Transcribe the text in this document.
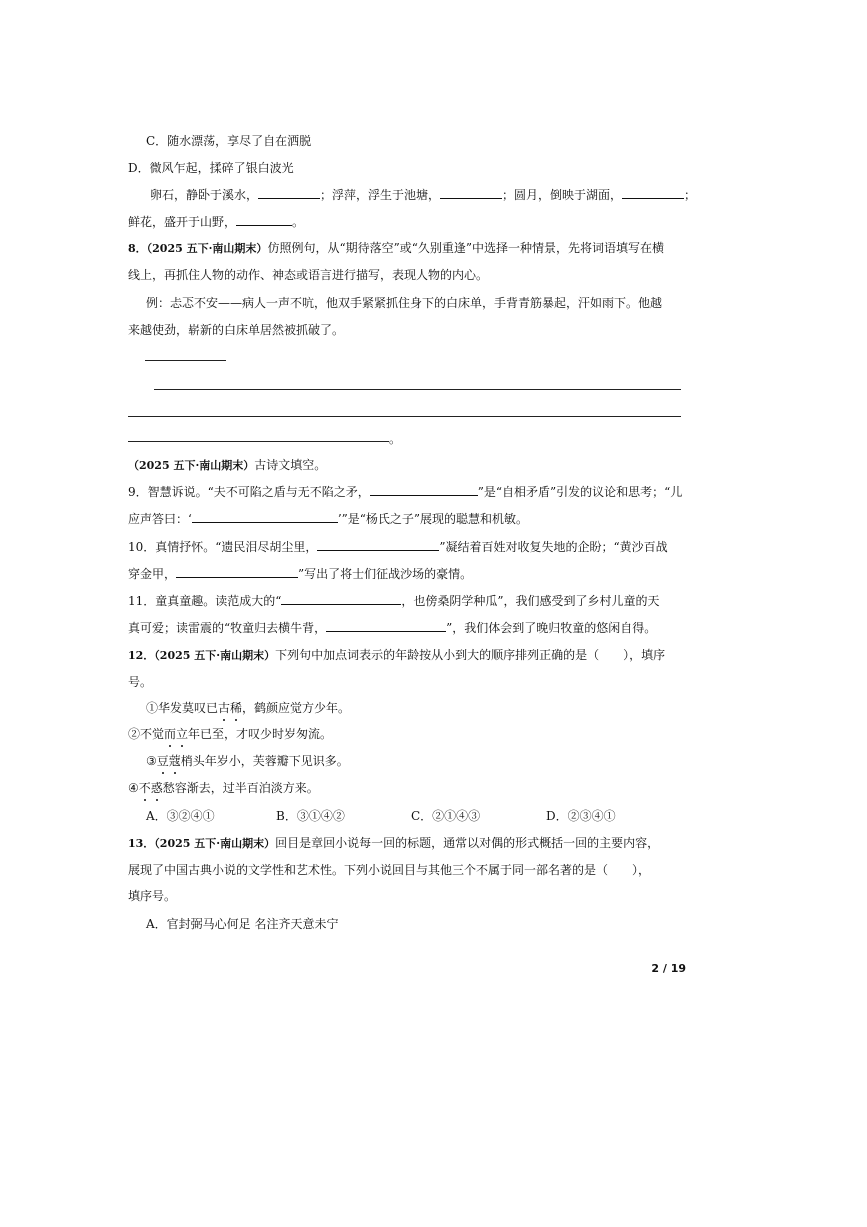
C．随水漂荡，享尽了自在洒脱
D．微风乍起，揉碎了银白波光
卵石，静卧于溪水，	；浮萍，浮生于池塘，	；圆月，倒映于湖面，	；
鲜花，盛开于山野，	。
8．（2025 五下·南山期末）仿照例句，从“期待落空”或“久别重逢”中选择一种情景，先将词语填写在横
线上，再抓住人物的动作、神态或语言进行描写，表现人物的内心。
例：忐忑不安——病人一声不吭，他双手紧紧抓住身下的白床单，手背青筋暴起，汗如雨下。他越
来越使劲，崭新的白床单居然被抓破了。
。
（2025 五下·南山期末）古诗文填空。
9．智慧诉说。“夫不可陷之盾与无不陷之矛，	”是“自相矛盾”引发的议论和思考；“儿
应声答曰：‘	’”是“杨氏之子”展现的聪慧和机敏。
10．真情抒怀。“遗民泪尽胡尘里，	”凝结着百姓对收复失地的企盼；“黄沙百战
穿金甲，	”写出了将士们征战沙场的豪情。
11．童真童趣。读范成大的“	，也傍桑阴学种瓜”，我们感受到了乡村儿童的天
真可爱；读雷震的“牧童归去横牛背，	”，我们体会到了晚归牧童的悠闲自得。
12．（2025 五下·南山期末）下列句中加点词表示的年龄按从小到大的顺序排列正确的是（　　），填序
号。
①华发莫叹已古稀，鹤颜应觉方少年。
②不觉而立年已至，才叹少时岁匆流。
③豆蔻梢头年岁小，芙蓉瓣下见识多。
④不惑愁容渐去，过半百泊淡方来。
A．③②④①	B．③①④②	C．②①④③	D．②③④①
13．（2025 五下·南山期末）回目是章回小说每一回的标题，通常以对偶的形式概括一回的主要内容，
展现了中国古典小说的文学性和艺术性。下列小说回目与其他三个不属于同一部名著的是（　　），
填序号。
A．官封弼马心何足 名注齐天意未宁
2 / 19
